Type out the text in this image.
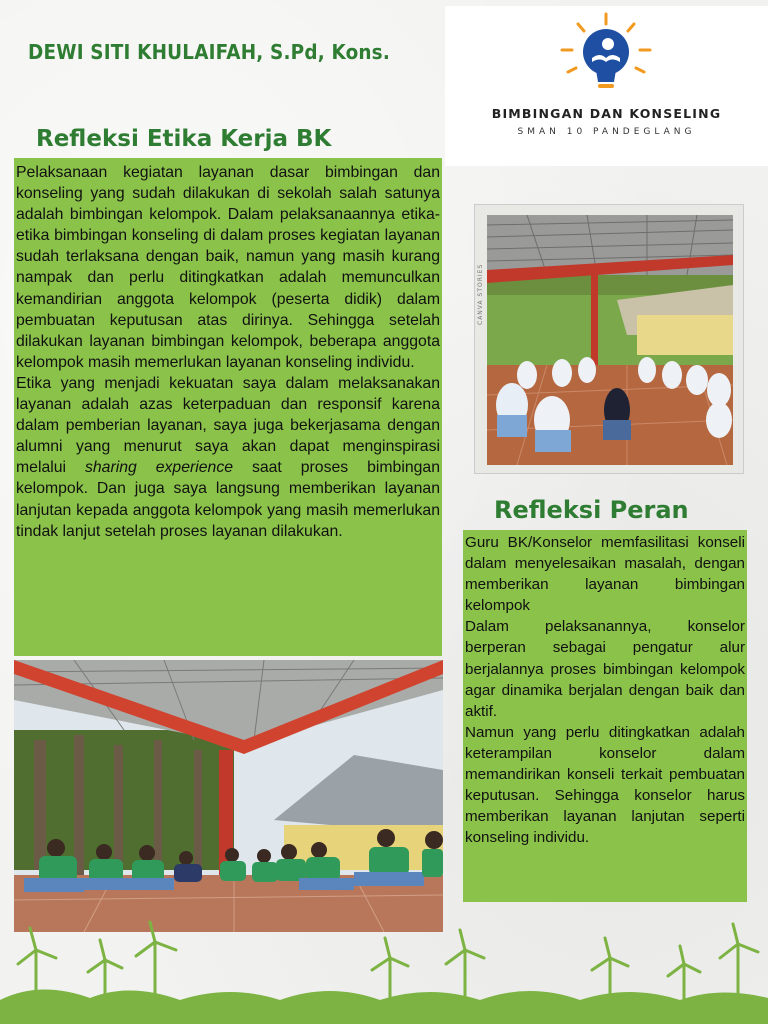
DEWI SITI KHULAIFAH, S.Pd, Kons.
BIMBINGAN DAN KONSELING
SMAN 10 PANDEGLANG
Refleksi Etika Kerja BK

Pelaksanaan kegiatan layanan dasar bimbingan dan konseling yang sudah dilakukan di sekolah salah satunya adalah bimbingan kelompok. Dalam pelaksanaannya etika-etika bimbingan konseling di dalam proses kegiatan layanan sudah terlaksana dengan baik, namun yang masih kurang nampak dan perlu ditingkatkan adalah memunculkan kemandirian anggota kelompok (peserta didik) dalam pembuatan keputusan atas dirinya. Sehingga setelah dilakukan layanan bimbingan kelompok, beberapa anggota kelompok masih memerlukan layanan konseling individu.

Etika yang menjadi kekuatan saya dalam melaksanakan layanan adalah azas keterpaduan dan responsif karena dalam pemberian layanan, saya juga bekerjasama dengan alumni yang menurut saya akan dapat menginspirasi melalui sharing experience saat proses bimbingan kelompok. Dan juga saya langsung memberikan layanan lanjutan kepada anggota kelompok yang masih memerlukan tindak lanjut setelah proses layanan dilakukan.

CANVA STORIES
Refleksi Peran

Guru BK/Konselor memfasilitasi konseli dalam menyelesaikan masalah, dengan memberikan layanan bimbingan kelompok

Dalam pelaksanannya, konselor berperan sebagai pengatur alur berjalannya proses bimbingan kelompok agar dinamika berjalan dengan baik dan aktif.

Namun yang perlu ditingkatkan adalah keterampilan konselor dalam memandirikan konseli terkait pembuatan keputusan. Sehingga konselor harus memberikan layanan lanjutan seperti konseling individu.
